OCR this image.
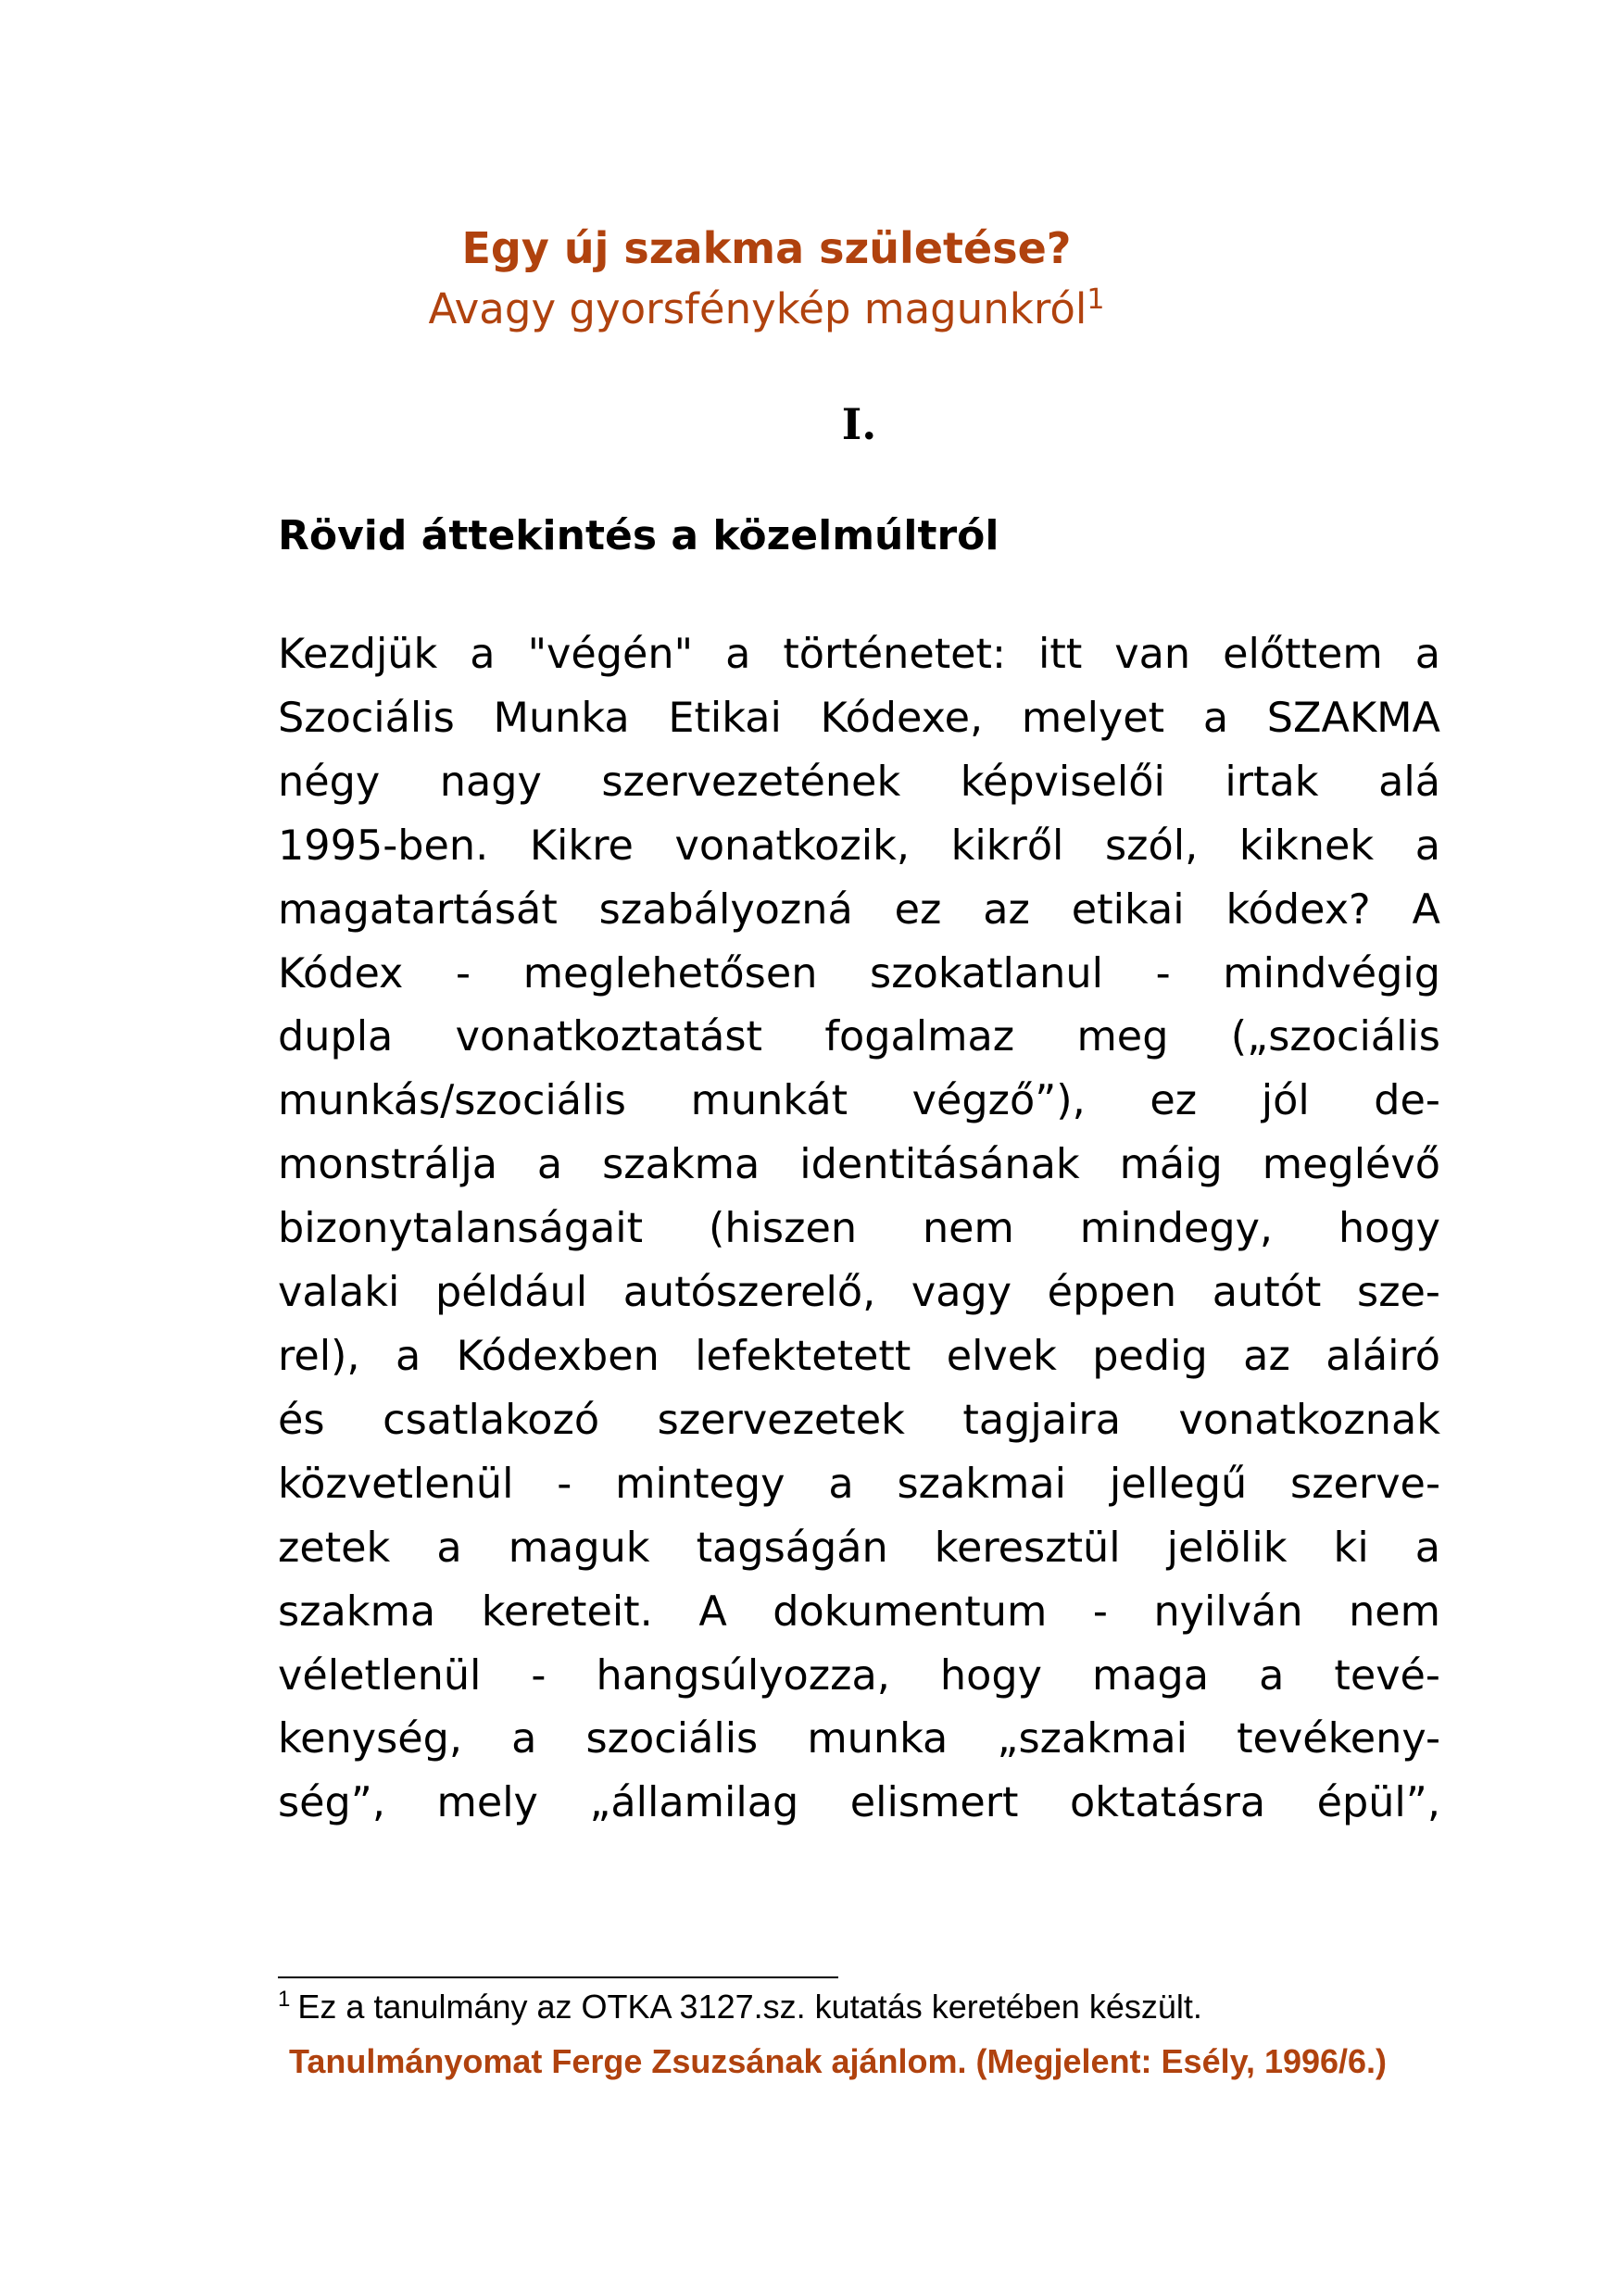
Egy új szakma születése?
Avagy gyorsfénykép magunkról$^1$
I.
Rövid áttekintés a közelmúltról
Kezdjük a "végén" a történetet: itt van előttem a
Szociális Munka Etikai Kódexe, melyet a SZAKMA
négy nagy szervezetének képviselői irtak alá
1995-ben. Kikre vonatkozik, kikről szól, kiknek a
magatartását szabályozná ez az etikai kódex? A
Kódex - meglehetősen szokatlanul - mindvégig
dupla vonatkoztatást fogalmaz meg („szociális
munkás/szociális munkát végző”), ez jól de-
monstrálja a szakma identitásának máig meglévő
bizonytalanságait (hiszen nem mindegy, hogy
valaki például autószerelő, vagy éppen autót sze-
rel), a Kódexben lefektetett elvek pedig az aláiró
és csatlakozó szervezetek tagjaira vonatkoznak
közvetlenül - mintegy a szakmai jellegű szerve-
zetek a maguk tagságán keresztül jelölik ki a
szakma kereteit. A dokumentum - nyilván nem
véletlenül - hangsúlyozza, hogy maga a tevé-
kenység, a szociális munka „szakmai tevékeny-
ség”, mely „államilag elismert oktatásra épül”,
$^1$ Ez a tanulmány az OTKA 3127.sz. kutatás keretében készült.
Tanulmányomat Ferge Zsuzsának ajánlom. (Megjelent: Esély, 1996/6.)
